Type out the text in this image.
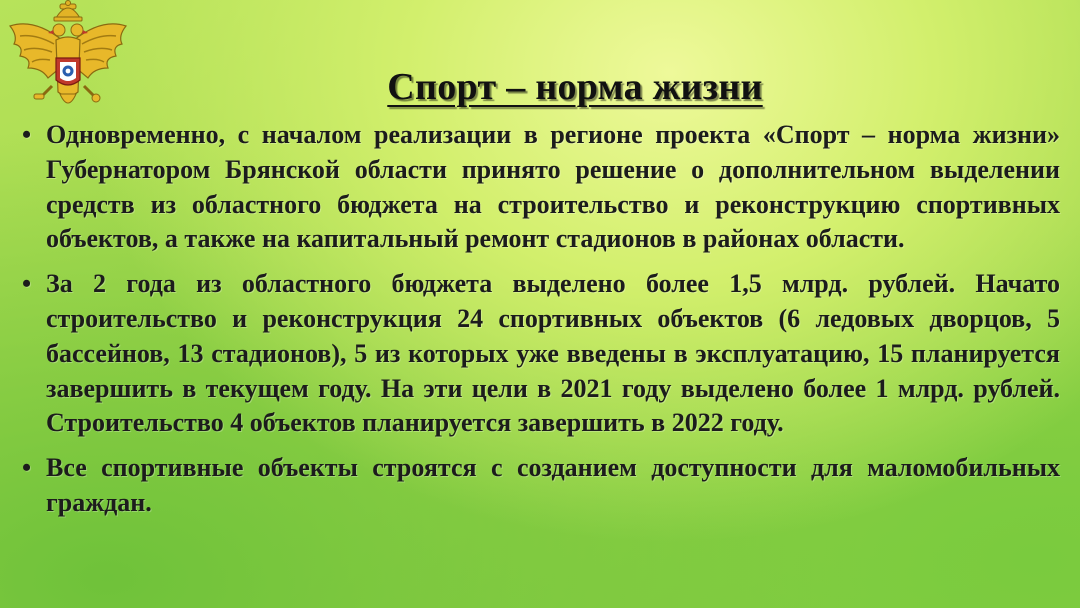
Спорт – норма жизни
• Одновременно, с началом реализации в регионе проекта «Спорт – норма жизни» Губернатором Брянской области принято решение о дополнительном выделении средств из областного бюджета на строительство и реконструкцию спортивных объектов, а также на капитальный ремонт стадионов в районах области.
• За 2 года из областного бюджета выделено более 1,5 млрд. рублей. Начато строительство и реконструкция 24 спортивных объектов (6 ледовых дворцов, 5 бассейнов, 13 стадионов), 5 из которых уже введены в эксплуатацию, 15 планируется завершить в текущем году. На эти цели в 2021 году выделено более 1 млрд. рублей. Строительство 4 объектов планируется завершить в 2022 году.
• Все спортивные объекты строятся с созданием доступности для маломобильных граждан.
